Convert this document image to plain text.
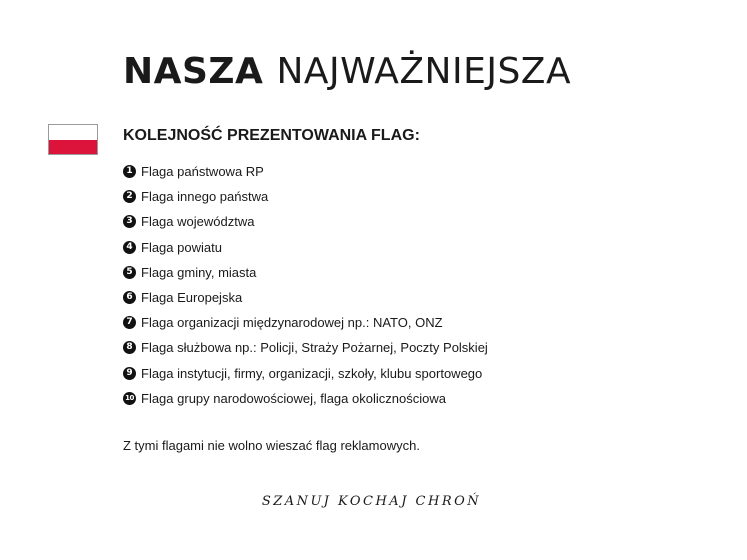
NASZA NAJWAŻNIEJSZA
KOLEJNOŚĆ PREZENTOWANIA FLAG:
1 Flaga państwowa RP
2 Flaga innego państwa
3 Flaga województwa
4 Flaga powiatu
5 Flaga gminy, miasta
6 Flaga Europejska
7 Flaga organizacji międzynarodowej np.: NATO, ONZ
8 Flaga służbowa np.: Policji, Straży Pożarnej, Poczty Polskiej
9 Flaga instytucji, firmy, organizacji, szkoły, klubu sportowego
10 Flaga grupy narodowościowej, flaga okolicznościowa

Z tymi flagami nie wolno wieszać flag reklamowych.

SZANUJ KOCHAJ CHROŃ
